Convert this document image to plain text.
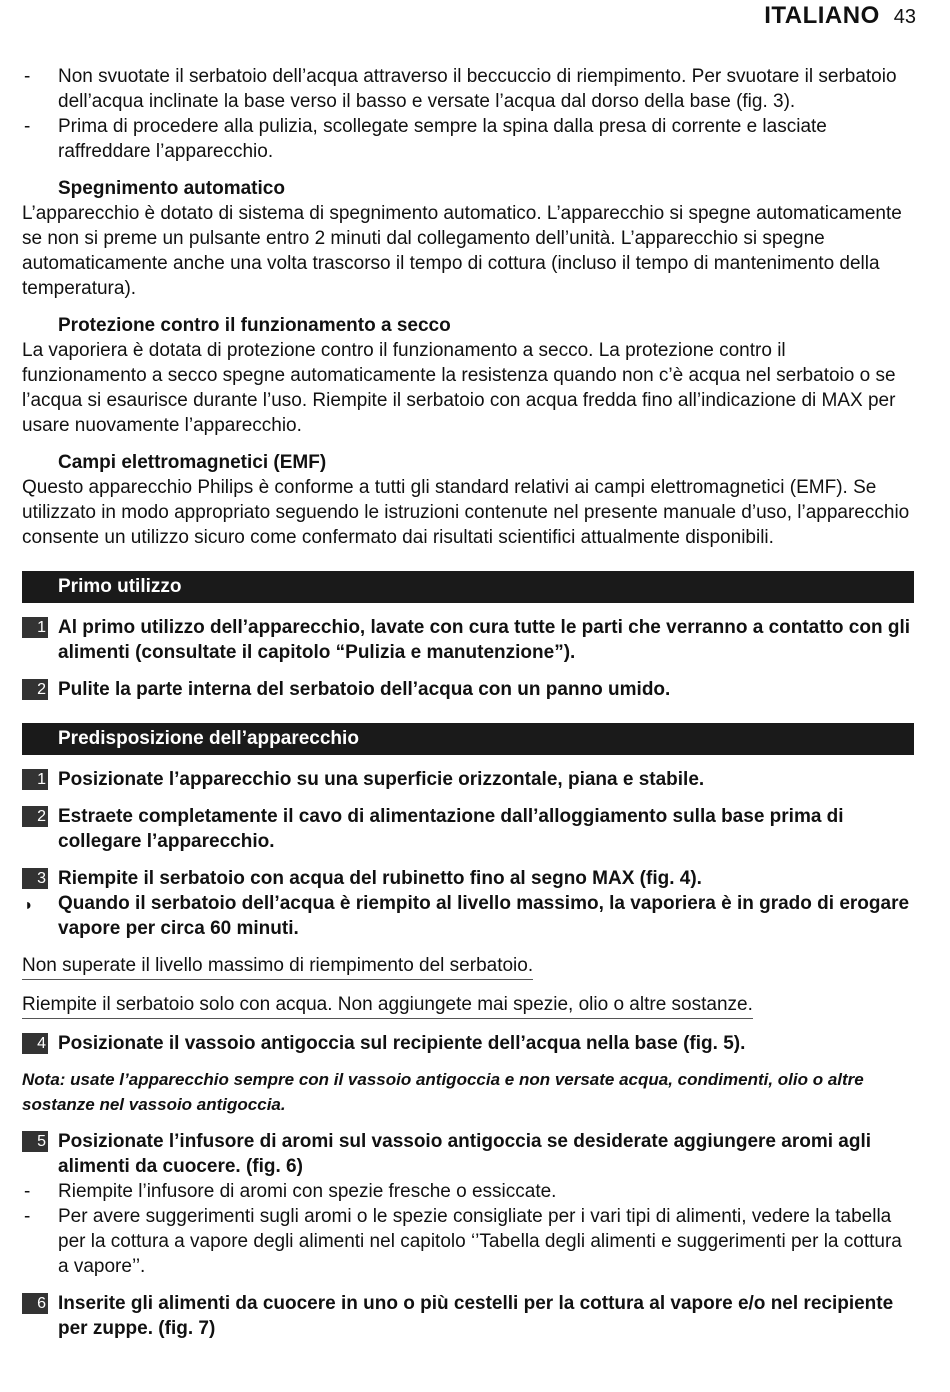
ITALIANO 43
- Non svuotate il serbatoio dell’acqua attraverso il beccuccio di riempimento. Per svuotare il serbatoio dell’acqua inclinate la base verso il basso e versate l’acqua dal dorso della base (fig. 3).
- Prima di procedere alla pulizia, scollegate sempre la spina dalla presa di corrente e lasciate raffreddare l’apparecchio.
Spegnimento automatico

L’apparecchio è dotato di sistema di spegnimento automatico. L’apparecchio si spegne automaticamente se non si preme un pulsante entro 2 minuti dal collegamento dell’unità. L’apparecchio si spegne automaticamente anche una volta trascorso il tempo di cottura (incluso il tempo di mantenimento della temperatura).

Protezione contro il funzionamento a secco

La vaporiera è dotata di protezione contro il funzionamento a secco. La protezione contro il funzionamento a secco spegne automaticamente la resistenza quando non c’è acqua nel serbatoio o se l’acqua si esaurisce durante l’uso. Riempite il serbatoio con acqua fredda fino all’indicazione di MAX per usare nuovamente l’apparecchio.

Campi elettromagnetici (EMF)

Questo apparecchio Philips è conforme a tutti gli standard relativi ai campi elettromagnetici (EMF). Se utilizzato in modo appropriato seguendo le istruzioni contenute nel presente manuale d’uso, l’apparecchio consente un utilizzo sicuro come confermato dai risultati scientifici attualmente disponibili.

Primo utilizzo
1 Al primo utilizzo dell’apparecchio, lavate con cura tutte le parti che verranno a contatto con gli alimenti (consultate il capitolo “Pulizia e manutenzione”).
2 Pulite la parte interna del serbatoio dell’acqua con un panno umido.
Predisposizione dell’apparecchio
1 Posizionate l’apparecchio su una superficie orizzontale, piana e stabile.
2 Estraete completamente il cavo di alimentazione dall’alloggiamento sulla base prima di collegare l’apparecchio.
3 Riempite il serbatoio con acqua del rubinetto fino al segno MAX (fig. 4).
◗ Quando il serbatoio dell’acqua è riempito al livello massimo, la vaporiera è in grado di erogare vapore per circa 60 minuti.
Non superate il livello massimo di riempimento del serbatoio.
Riempite il serbatoio solo con acqua. Non aggiungete mai spezie, olio o altre sostanze.
4 Posizionate il vassoio antigoccia sul recipiente dell’acqua nella base (fig. 5).
Nota: usate l’apparecchio sempre con il vassoio antigoccia e non versate acqua, condimenti, olio o altre sostanze nel vassoio antigoccia.
5 Posizionate l’infusore di aromi sul vassoio antigoccia se desiderate aggiungere aromi agli alimenti da cuocere. (fig. 6)
- Riempite l’infusore di aromi con spezie fresche o essiccate.
- Per avere suggerimenti sugli aromi o le spezie consigliate per i vari tipi di alimenti, vedere la tabella per la cottura a vapore degli alimenti nel capitolo ‘’Tabella degli alimenti e suggerimenti per la cottura a vapore’’.
6 Inserite gli alimenti da cuocere in uno o più cestelli per la cottura al vapore e/o nel recipiente per zuppe. (fig. 7)
